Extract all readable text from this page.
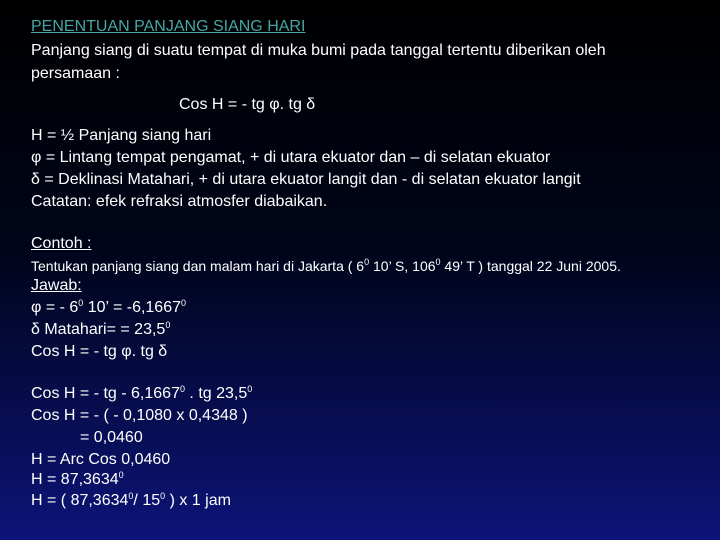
PENENTUAN PANJANG SIANG HARI
Panjang siang di suatu tempat di muka bumi pada tanggal tertentu diberikan oleh
persamaan :
Cos H = - tg φ. tg δ
H = ½ Panjang siang hari
φ = Lintang tempat pengamat, + di utara ekuator dan – di selatan ekuator
δ = Deklinasi Matahari, + di utara ekuator langit dan - di selatan ekuator langit
Catatan: efek refraksi atmosfer diabaikan.
Contoh :
Tentukan panjang siang dan malam hari di Jakarta ( $6^0$ 10’ S, $106^0$ 49’ T ) tanggal 22 Juni 2005.
Jawab:
φ = - $6^0$ 10’ = $-6,1667^0$
δ Matahari= = $23,5^0$
Cos H = - tg φ. tg δ
Cos H = - tg - 6,1667$^0$ . tg 23,5$^0$
Cos H = - ( - 0,1080 x 0,4348 )
= 0,0460
H = Arc Cos 0,0460
$H = 87,3634^0$
H = ( 87,3634$^0$/ $15^0$ ) x 1 jam
